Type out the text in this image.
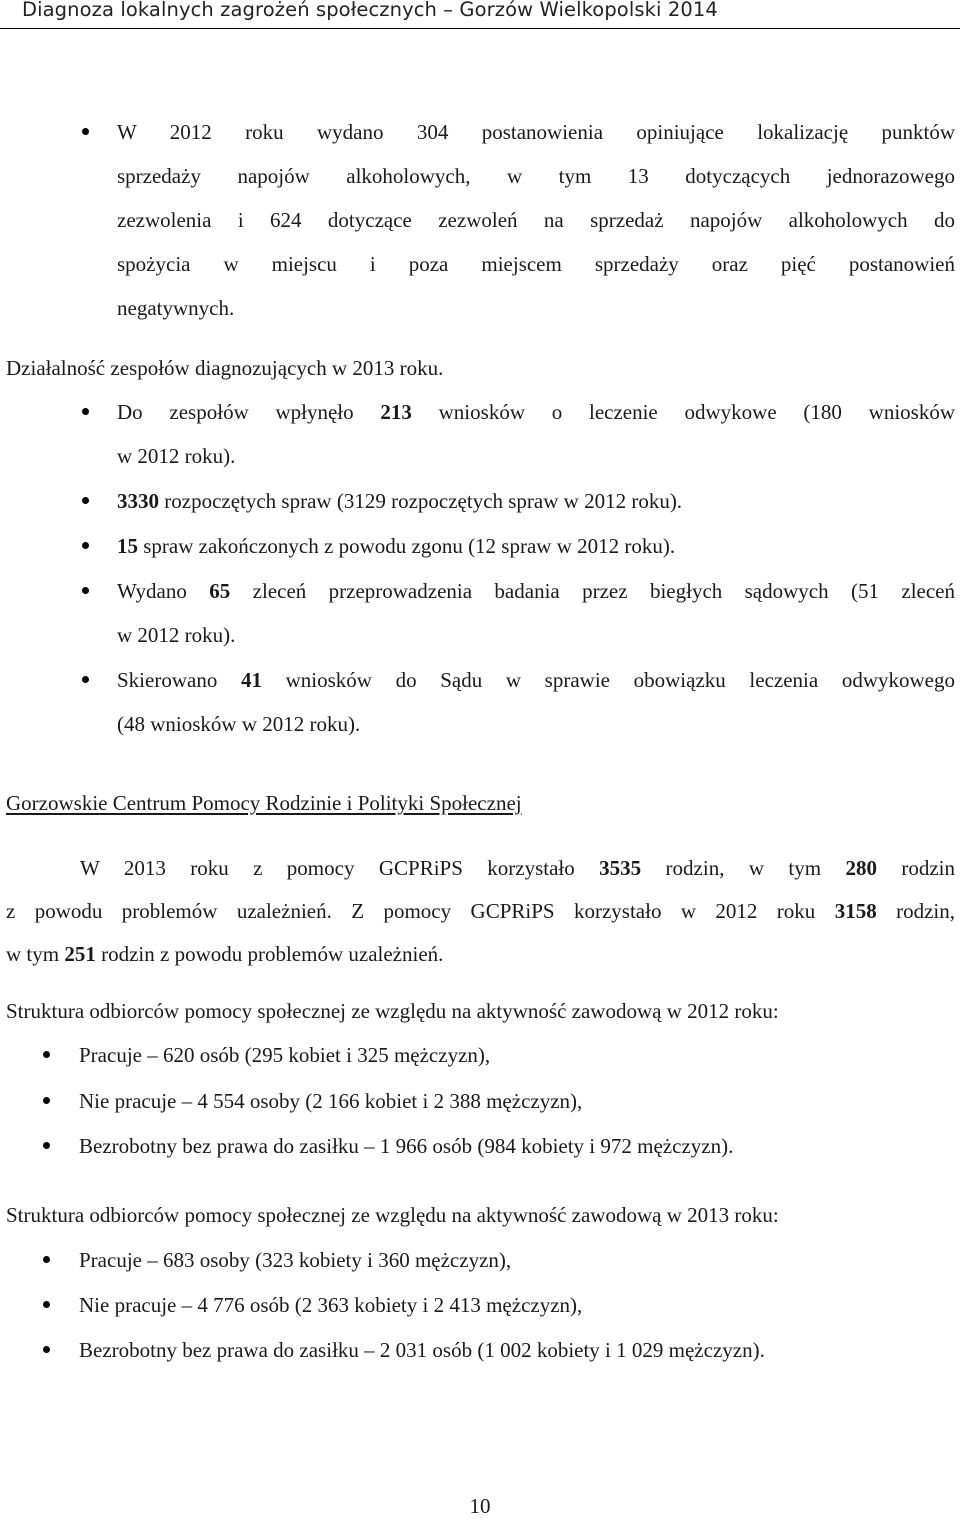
Diagnoza lokalnych zagrożeń społecznych – Gorzów Wielkopolski 2014
W 2012 roku wydano 304 postanowienia opiniujące lokalizację punktów
sprzedaży napojów alkoholowych, w tym 13 dotyczących jednorazowego
zezwolenia i 624 dotyczące zezwoleń na sprzedaż napojów alkoholowych do
spożycia w miejscu i poza miejscem sprzedaży oraz pięć postanowień
negatywnych.
Działalność zespołów diagnozujących w 2013 roku.
Do zespołów wpłynęło 213 wniosków o leczenie odwykowe (180 wniosków
w 2012 roku).
3330 rozpoczętych spraw (3129 rozpoczętych spraw w 2012 roku).
15 spraw zakończonych z powodu zgonu (12 spraw w 2012 roku).
Wydano 65 zleceń przeprowadzenia badania przez biegłych sądowych (51 zleceń
w 2012 roku).
Skierowano 41 wniosków do Sądu w sprawie obowiązku leczenia odwykowego
(48 wniosków w 2012 roku).
Gorzowskie Centrum Pomocy Rodzinie i Polityki Społecznej
W 2013 roku z pomocy GCPRiPS korzystało 3535 rodzin, w tym 280 rodzin
z powodu problemów uzależnień. Z pomocy GCPRiPS korzystało w 2012 roku 3158 rodzin,
w tym 251 rodzin z powodu problemów uzależnień.
Struktura odbiorców pomocy społecznej ze względu na aktywność zawodową w 2012 roku:
Pracuje – 620 osób (295 kobiet i 325 mężczyzn),
Nie pracuje – 4 554 osoby (2 166 kobiet i 2 388 mężczyzn),
Bezrobotny bez prawa do zasiłku – 1 966 osób (984 kobiety i 972 mężczyzn).
Struktura odbiorców pomocy społecznej ze względu na aktywność zawodową w 2013 roku:
Pracuje – 683 osoby (323 kobiety i 360 mężczyzn),
Nie pracuje – 4 776 osób (2 363 kobiety i 2 413 mężczyzn),
Bezrobotny bez prawa do zasiłku – 2 031 osób (1 002 kobiety i 1 029 mężczyzn).
10
